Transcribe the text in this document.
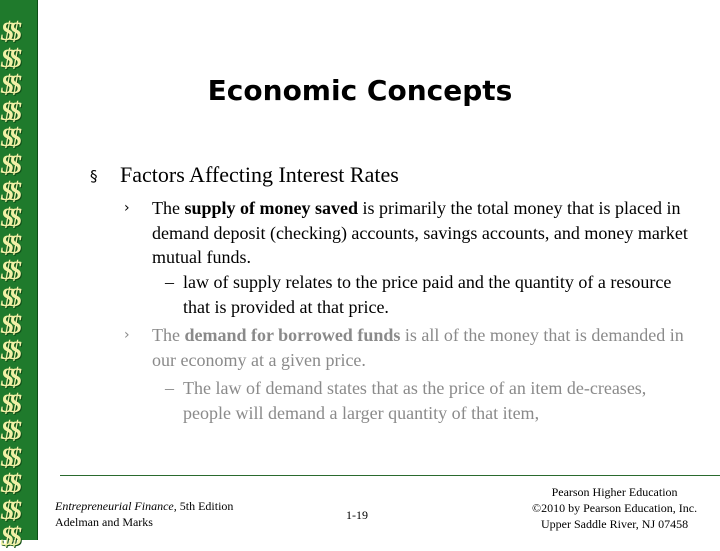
$$
$$
$$
$$
$$
$$
$$
$$
$$
$$
$$
$$
$$
$$
$$
$$
$$
$$
$$
$$
Economic Concepts
§ Factors Affecting Interest Rates
› The supply of money saved is primarily the total money that is placed in demand deposit (checking) accounts, savings accounts, and money market mutual funds.
– law of supply relates to the price paid and the quantity of a resource that is provided at that price.
› The demand for borrowed funds is all of the money that is demanded in our economy at a given price.
– The law of demand states that as the price of an item de-creases, people will demand a larger quantity of that item,
Entrepreneurial Finance, 5th Edition
Adelman and Marks	1-19
Pearson Higher Education
©2010 by Pearson Education, Inc.
Upper Saddle River, NJ 07458
